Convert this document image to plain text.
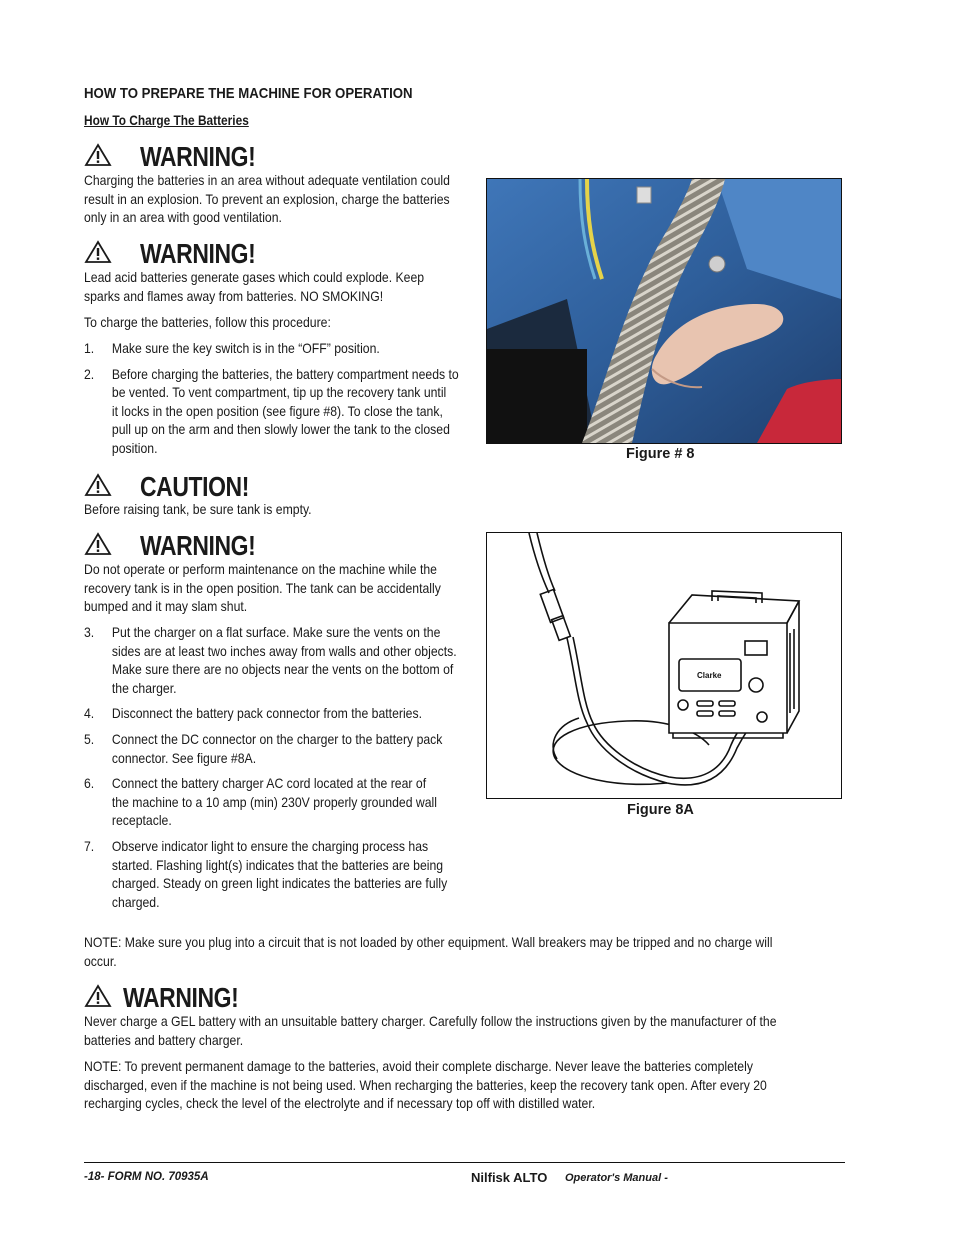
HOW TO PREPARE THE MACHINE FOR OPERATION
How To Charge The Batteries
WARNING!
Charging the batteries in an area without adequate ventilation could
result in an explosion. To prevent an explosion, charge the batteries
only in an area with good ventilation.
WARNING!
Lead acid batteries generate gases which could explode. Keep
sparks and flames away from batteries. NO SMOKING!
To charge the batteries, follow this procedure:
1. Make sure the key switch is in the “OFF” position.
2. Before charging the batteries, the battery compartment needs to
be vented. To vent compartment, tip up the recovery tank until
it locks in the open position (see figure #8). To close the tank,
pull up on the arm and then slowly lower the tank to the closed
position.
CAUTION!
Before raising tank, be sure tank is empty.
WARNING!
Do not operate or perform maintenance on the machine while the
recovery tank is in the open position. The tank can be accidentally
bumped and it may slam shut.
3. Put the charger on a flat surface. Make sure the vents on the
sides are at least two inches away from walls and other objects.
Make sure there are no objects near the vents on the bottom of
the charger.
4. Disconnect the battery pack connector from the batteries.
5. Connect the DC connector on the charger to the battery pack
connector. See figure #8A.
6. Connect the battery charger AC cord located at the rear of
the machine to a 10 amp (min) 230V properly grounded wall
receptacle.
7. Observe indicator light to ensure the charging process has
started. Flashing light(s) indicates that the batteries are being
charged. Steady on green light indicates the batteries are fully
charged.
NOTE: Make sure you plug into a circuit that is not loaded by other equipment. Wall breakers may be tripped and no charge will
occur.
WARNING!
Never charge a GEL battery with an unsuitable battery charger. Carefully follow the instructions given by the manufacturer of the
batteries and battery charger.
NOTE: To prevent permanent damage to the batteries, avoid their complete discharge. Never leave the batteries completely
discharged, even if the machine is not being used. When recharging the batteries, keep the recovery tank open. After every 20
recharging cycles, check the level of the electrolyte and if necessary top off with distilled water.
Figure # 8
Clarke
Figure 8A
-18- FORM NO. 70935A	Nilfisk ALTO Operator's Manual -
